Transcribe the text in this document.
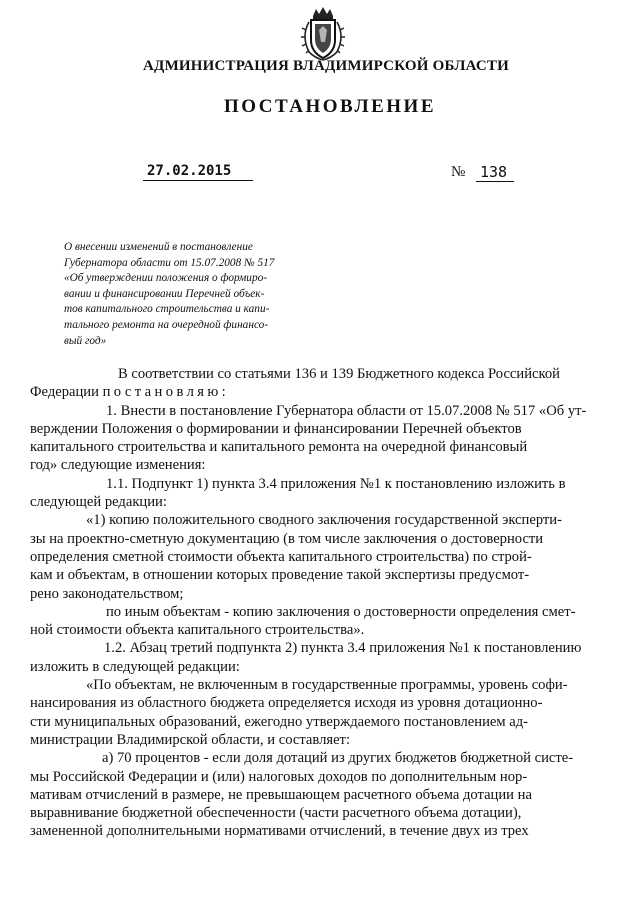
АДМИНИСТРАЦИЯ ВЛАДИМИРСКОЙ ОБЛАСТИ
ПОСТАНОВЛЕНИЕ
27.02.2015	№ 138
О внесении изменений в постановление
Губернатора области от 15.07.2008 № 517
«Об утверждении положения о формиро-
вании и финансировании Перечней объек-
тов капитального строительства и капи-
тального ремонта на очередной финансо-
вый год»
В соответствии со статьями 136 и 139 Бюджетного кодекса Российской
Федерации постановляю:
1. Внести в постановление Губернатора области от 15.07.2008 № 517 «Об ут-
верждении Положения о формировании и финансировании Перечней объектов
капитального строительства и капитального ремонта на очередной финансовый
год» следующие изменения:
1.1. Подпункт 1) пункта 3.4 приложения №1 к постановлению изложить в
следующей редакции:
«1) копию положительного сводного заключения государственной эксперти-
зы на проектно-сметную документацию (в том числе заключения о достоверности
определения сметной стоимости объекта капитального строительства) по строй-
кам и объектам, в отношении которых проведение такой экспертизы предусмот-
рено законодательством;
по иным объектам - копию заключения о достоверности определения смет-
ной стоимости объекта капитального строительства».
1.2. Абзац третий подпункта 2) пункта 3.4 приложения №1 к постановлению
изложить в следующей редакции:
«По объектам, не включенным в государственные программы, уровень софи-
нансирования из областного бюджета определяется исходя из уровня дотационно-
сти муниципальных образований, ежегодно утверждаемого постановлением ад-
министрации Владимирской области, и составляет:
а) 70 процентов - если доля дотаций из других бюджетов бюджетной систе-
мы Российской Федерации и (или) налоговых доходов по дополнительным нор-
мативам отчислений в размере, не превышающем расчетного объема дотации на
выравнивание бюджетной обеспеченности (части расчетного объема дотации),
замененной дополнительными нормативами отчислений, в течение двух из трех
